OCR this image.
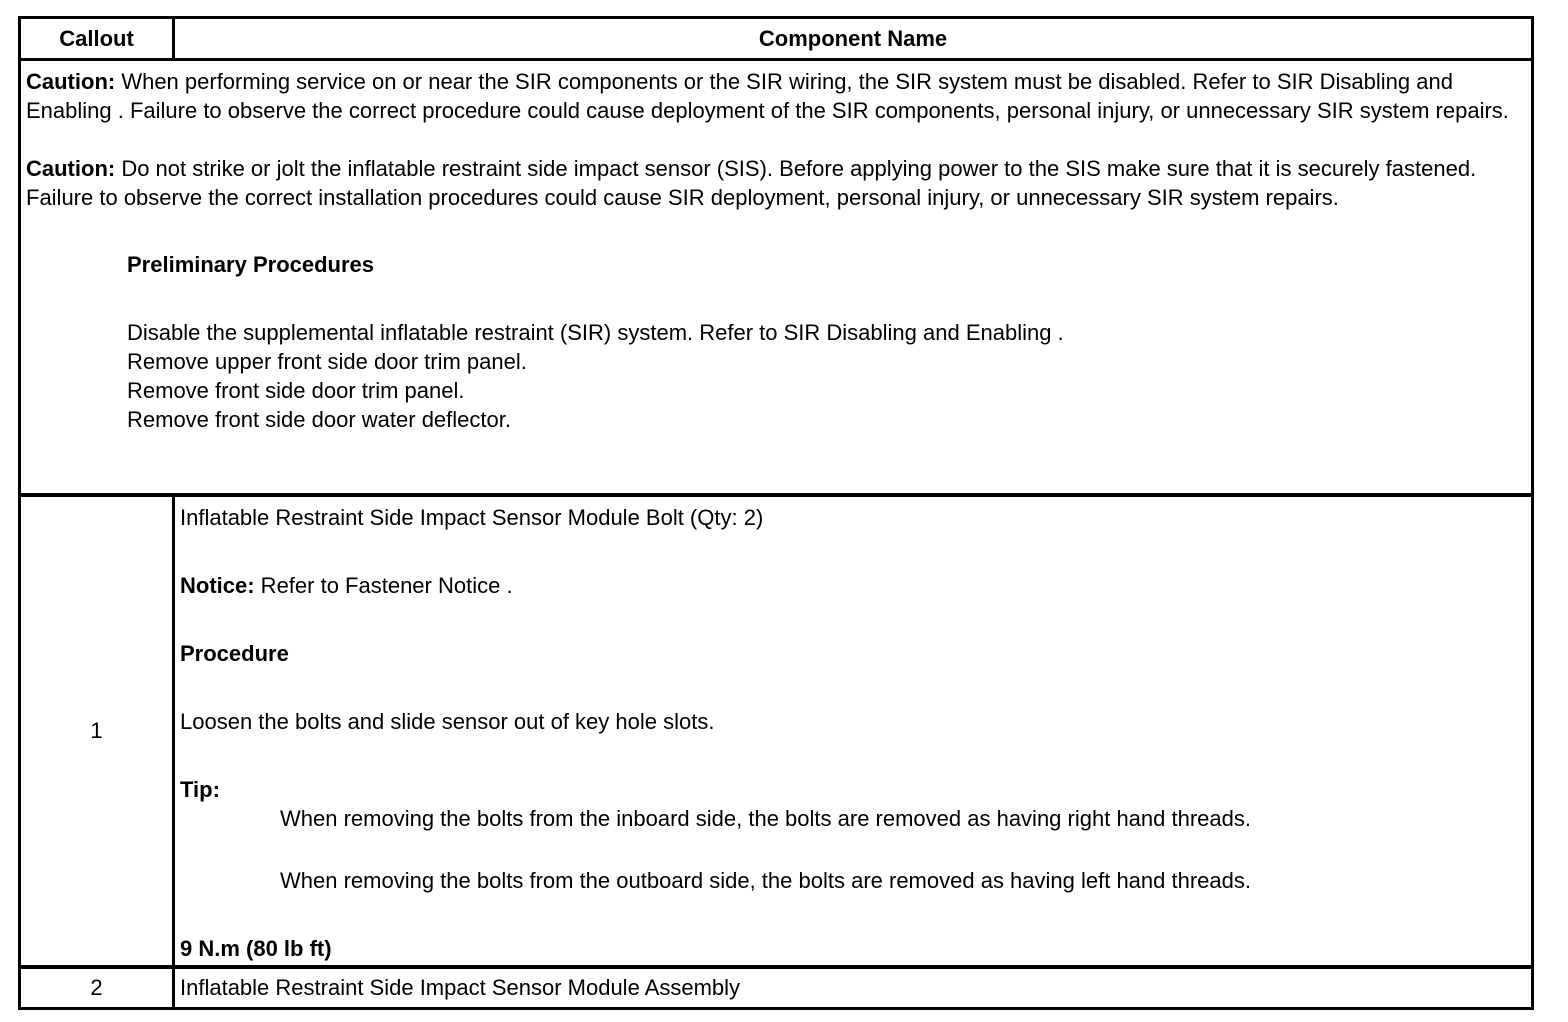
Callout	Component Name

Caution: When performing service on or near the SIR components or the SIR wiring, the SIR system must be disabled. Refer to SIR Disabling and Enabling . Failure to observe the correct procedure could cause deployment of the SIR components, personal injury, or unnecessary SIR system repairs.

Caution: Do not strike or jolt the inflatable restraint side impact sensor (SIS). Before applying power to the SIS make sure that it is securely fastened. Failure to observe the correct installation procedures could cause SIR deployment, personal injury, or unnecessary SIR system repairs.

Preliminary Procedures

Disable the supplemental inflatable restraint (SIR) system. Refer to SIR Disabling and Enabling .

Remove upper front side door trim panel.

Remove front side door trim panel.

Remove front side door water deflector.

1

Inflatable Restraint Side Impact Sensor Module Bolt (Qty: 2)

Notice: Refer to Fastener Notice .

Procedure

Loosen the bolts and slide sensor out of key hole slots.

Tip:

When removing the bolts from the inboard side, the bolts are removed as having right hand threads.

When removing the bolts from the outboard side, the bolts are removed as having left hand threads.

9 N.m (80 lb ft)

2	Inflatable Restraint Side Impact Sensor Module Assembly
